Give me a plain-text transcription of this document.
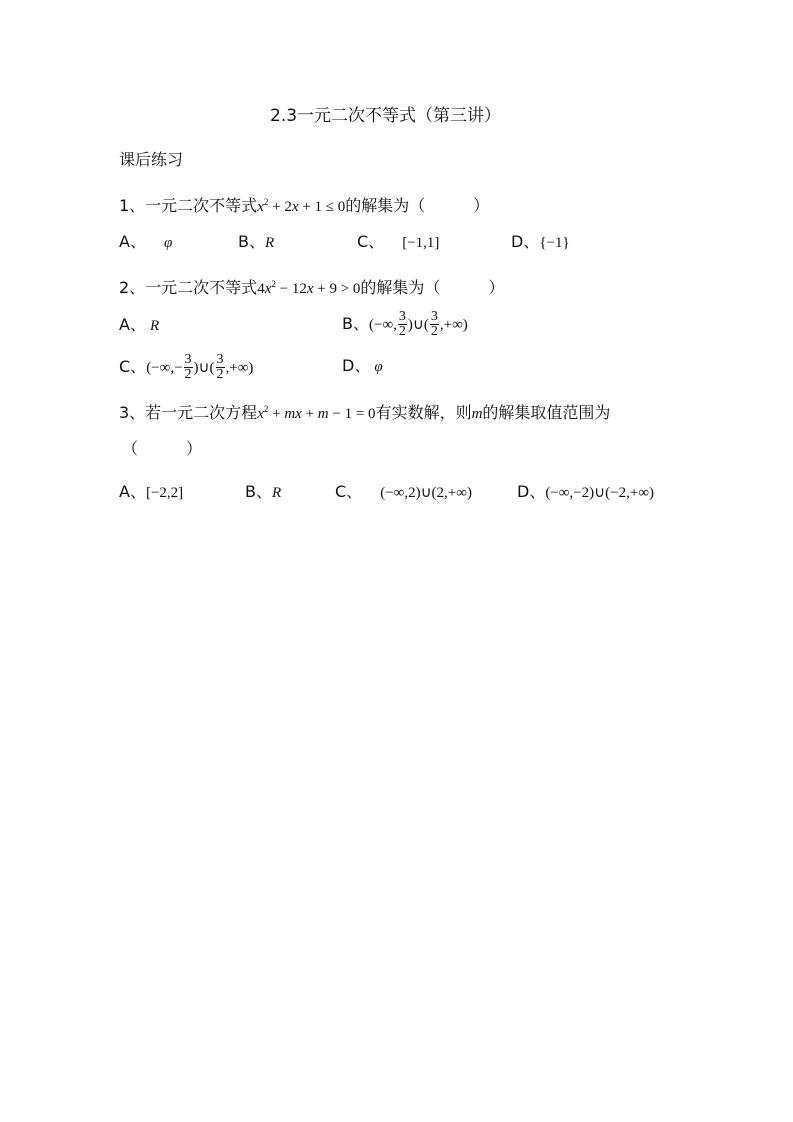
2.3一元二次不等式（第三讲）
课后练习
1、一元二次不等式$x^2 + 2x + 1 \le 0$的解集为（　　　）
A、 φ	B、R	C、 [−1,1]	D、{−1}
2、一元二次不等式$4x^2 - 12x + 9 > 0$的解集为（　　　）
A、 R	B、(−∞, $\frac{3}{2}$ )∪( $\frac{3}{2}$ ,+∞)
C、(−∞,− $\frac{3}{2}$ )∪( $\frac{3}{2}$ ,+∞)	D、 φ
3、若一元二次方程$x^2$ + mx + m − 1 = 0有实数解，则m的解集取值范围为
（　　　）
A、[−2,2]	B、R	C、 (−∞,2)∪(2,+∞)	D、(−∞,−2)∪(−2,+∞)
